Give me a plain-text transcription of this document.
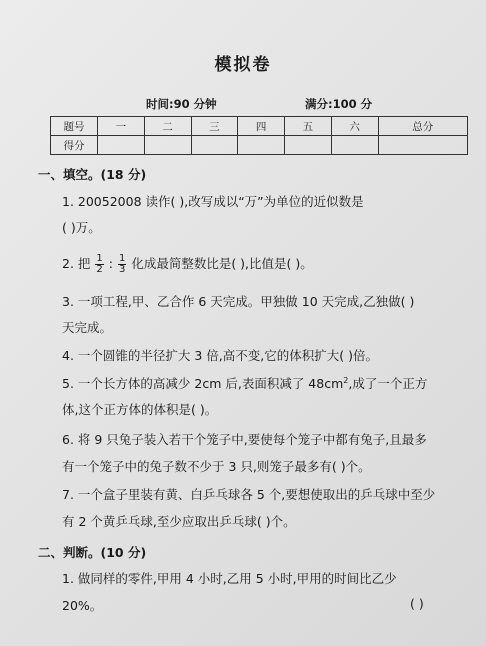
模拟卷
时间:90 分钟	满分:100 分
题号	一	二	三	四	五	六	总分
得分							
一、填空。(18 分)
1. 20052008 读作( ),改写成以“万”为单位的近似数是
( )万。
2. 把 $\frac{1}{2}$ : $\frac{1}{3}$ 化成最简整数比是( ),比值是( )。
3. 一项工程,甲、乙合作 6 天完成。甲独做 10 天完成,乙独做( )
天完成。
4. 一个圆锥的半径扩大 3 倍,高不变,它的体积扩大( )倍。
5. 一个长方体的高减少 2cm 后,表面积减了 $48cm^2$,成了一个正方
体,这个正方体的体积是( )。
6. 将 9 只兔子装入若干个笼子中,要使每个笼子中都有兔子,且最多
有一个笼子中的兔子数不少于 3 只,则笼子最多有( )个。
7. 一个盒子里装有黄、白乒乓球各 5 个,要想使取出的乒乓球中至少
有 2 个黄乒乓球,至少应取出乒乓球( )个。
二、判断。(10 分)
1. 做同样的零件,甲用 4 小时,乙用 5 小时,甲用的时间比乙少
20%。	( )
